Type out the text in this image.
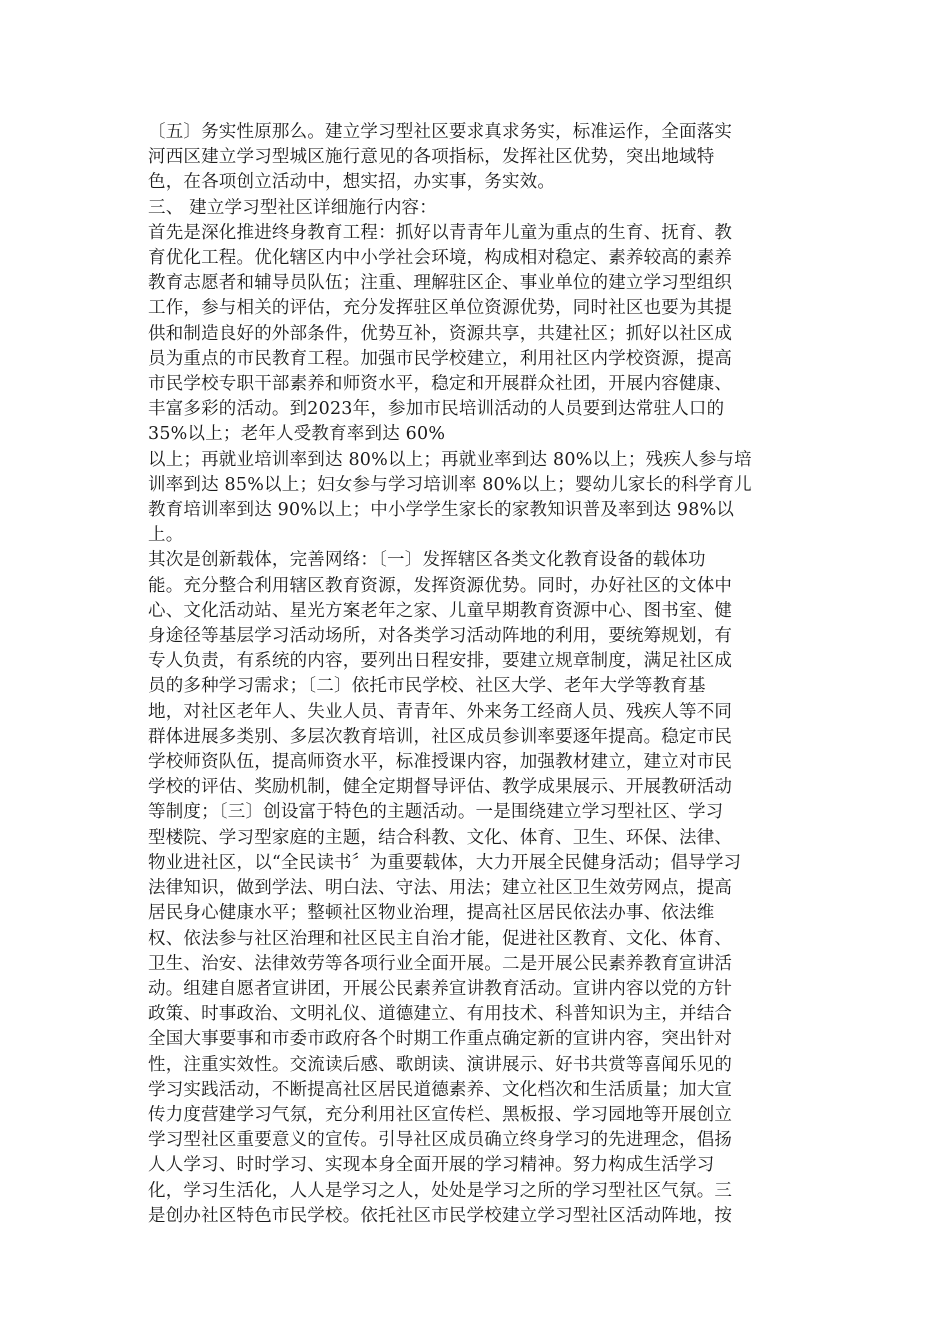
〔五〕务实性原那么。建立学习型社区要求真求务实，标准运作，全面落实
河西区建立学习型城区施行意见的各项指标，发挥社区优势，突出地域特
色，在各项创立活动中，想实招，办实事，务实效。
三、 建立学习型社区详细施行内容：
首先是深化推进终身教育工程：抓好以青青年儿童为重点的生育、抚育、教
育优化工程。优化辖区内中小学社会环境，构成相对稳定、素养较高的素养
教育志愿者和辅导员队伍；注重、理解驻区企、事业单位的建立学习型组织
工作，参与相关的评估，充分发挥驻区单位资源优势，同时社区也要为其提
供和制造良好的外部条件，优势互补，资源共享，共建社区；抓好以社区成
员为重点的市民教育工程。加强市民学校建立，利用社区内学校资源，提高
市民学校专职干部素养和师资水平，稳定和开展群众社团，开展内容健康、
丰富多彩的活动。到2023年，参加市民培训活动的人员要到达常驻人口的
35%以上；老年人受教育率到达 60%
以上；再就业培训率到达 80%以上；再就业率到达 80%以上；残疾人参与培
训率到达 85%以上；妇女参与学习培训率 80%以上；婴幼儿家长的科学育儿
教育培训率到达 90%以上；中小学学生家长的家教知识普及率到达 98%以
上。
其次是创新载体，完善网络：〔一〕发挥辖区各类文化教育设备的载体功
能。充分整合利用辖区教育资源，发挥资源优势。同时，办好社区的文体中
心、文化活动站、星光方案老年之家、儿童早期教育资源中心、图书室、健
身途径等基层学习活动场所，对各类学习活动阵地的利用，要统筹规划，有
专人负责，有系统的内容，要列出日程安排，要建立规章制度，满足社区成
员的多种学习需求；〔二〕依托市民学校、社区大学、老年大学等教育基
地，对社区老年人、失业人员、青青年、外来务工经商人员、残疾人等不同
群体进展多类别、多层次教育培训，社区成员参训率要逐年提高。稳定市民
学校师资队伍，提高师资水平，标准授课内容，加强教材建立，建立对市民
学校的评估、奖励机制，健全定期督导评估、教学成果展示、开展教研活动
等制度；〔三〕创设富于特色的主题活动。一是围绕建立学习型社区、学习
型楼院、学习型家庭的主题，结合科教、文化、体育、卫生、环保、法律、
物业进社区，以“全民读书〞为重要载体，大力开展全民健身活动；倡导学习
法律知识，做到学法、明白法、守法、用法；建立社区卫生效劳网点，提高
居民身心健康水平；整顿社区物业治理，提高社区居民依法办事、依法维
权、依法参与社区治理和社区民主自治才能，促进社区教育、文化、体育、
卫生、治安、法律效劳等各项行业全面开展。二是开展公民素养教育宣讲活
动。组建自愿者宣讲团，开展公民素养宣讲教育活动。宣讲内容以党的方针
政策、时事政治、文明礼仪、道德建立、有用技术、科普知识为主，并结合
全国大事要事和市委市政府各个时期工作重点确定新的宣讲内容，突出针对
性，注重实效性。交流读后感、歌朗读、演讲展示、好书共赏等喜闻乐见的
学习实践活动，不断提高社区居民道德素养、文化档次和生活质量；加大宣
传力度营建学习气氛，充分利用社区宣传栏、黑板报、学习园地等开展创立
学习型社区重要意义的宣传。引导社区成员确立终身学习的先进理念，倡扬
人人学习、时时学习、实现本身全面开展的学习精神。努力构成生活学习
化，学习生活化，人人是学习之人，处处是学习之所的学习型社区气氛。三
是创办社区特色市民学校。依托社区市民学校建立学习型社区活动阵地，按
